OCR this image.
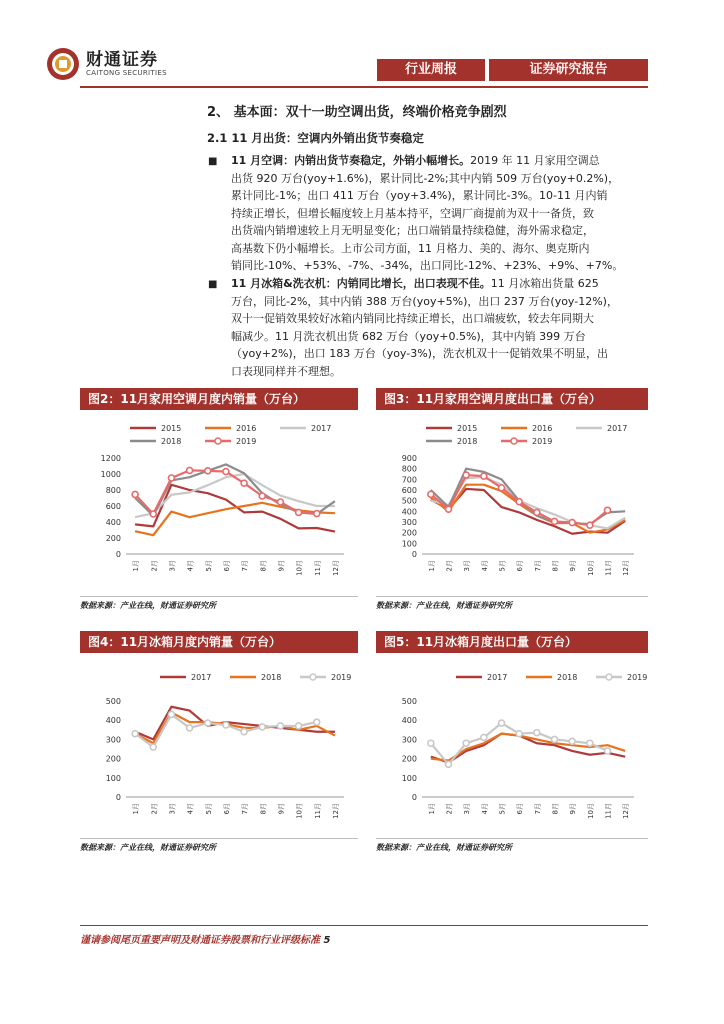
财通证券
CAITONG SECURITIES	行业周报	证券研究报告
2、 基本面：双十一助空调出货，终端价格竞争剧烈
2.1 11 月出货：空调内外销出货节奏稳定
■ 11 月空调：内销出货节奏稳定，外销小幅增长。2019 年 11 月家用空调总
出货 920 万台(yoy+1.6%)，累计同比-2%;其中内销 509 万台(yoy+0.2%)，
累计同比-1%；出口 411 万台（yoy+3.4%)，累计同比-3%。10-11 月内销
持续正增长，但增长幅度较上月基本持平，空调厂商提前为双十一备货，致
出货端内销增速较上月无明显变化；出口端销量持续稳健，海外需求稳定，
高基数下仍小幅增长。上市公司方面，11 月格力、美的、海尔、奥克斯内
销同比-10%、+53%、-7%、-34%，出口同比-12%、+23%、+9%、+7%。
■ 11 月冰箱&洗衣机：内销同比增长，出口表现不佳。11 月冰箱出货量 625
万台，同比-2%，其中内销 388 万台(yoy+5%)，出口 237 万台(yoy-12%)，
双十一促销效果较好冰箱内销同比持续正增长，出口端疲软，较去年同期大
幅减少。11 月洗衣机出货 682 万台（yoy+0.5%)，其中内销 399 万台
（yoy+2%)，出口 183 万台（yoy-3%)，洗衣机双十一促销效果不明显，出
口表现同样并不理想。
图2：11月家用空调月度内销量（万台）	图3：11月家用空调月度出口量（万台）
图4：11月冰箱月度内销量（万台）	图5：11月冰箱月度出口量（万台）
2015	2016	2017
2018	2019
0
200
400
600
800
1000
1200
1月 2月 3月 4月 5月 6月 7月 8月 9月 10月 11月 12月
2015	2016	2017
2018	2019
0
100
200
300
400
500
600
700
800
900
1月 2月 3月 4月 5月 6月 7月 8月 9月 10月 11月 12月
2017	2018	2019
0
100
200
300
400
500
1月 2月 3月 4月 5月 6月 7月 8月 9月 10月 11月 12月
2017	2018	2019
0
100
200
300
400
500
1月 2月 3月 4月 5月 6月 7月 8月 9月 10月 11月 12月
数据来源：产业在线，财通证券研究所	数据来源：产业在线，财通证券研究所
数据来源：产业在线，财通证券研究所	数据来源：产业在线，财通证券研究所
谨请参阅尾页重要声明及财通证券股票和行业评级标准 5
